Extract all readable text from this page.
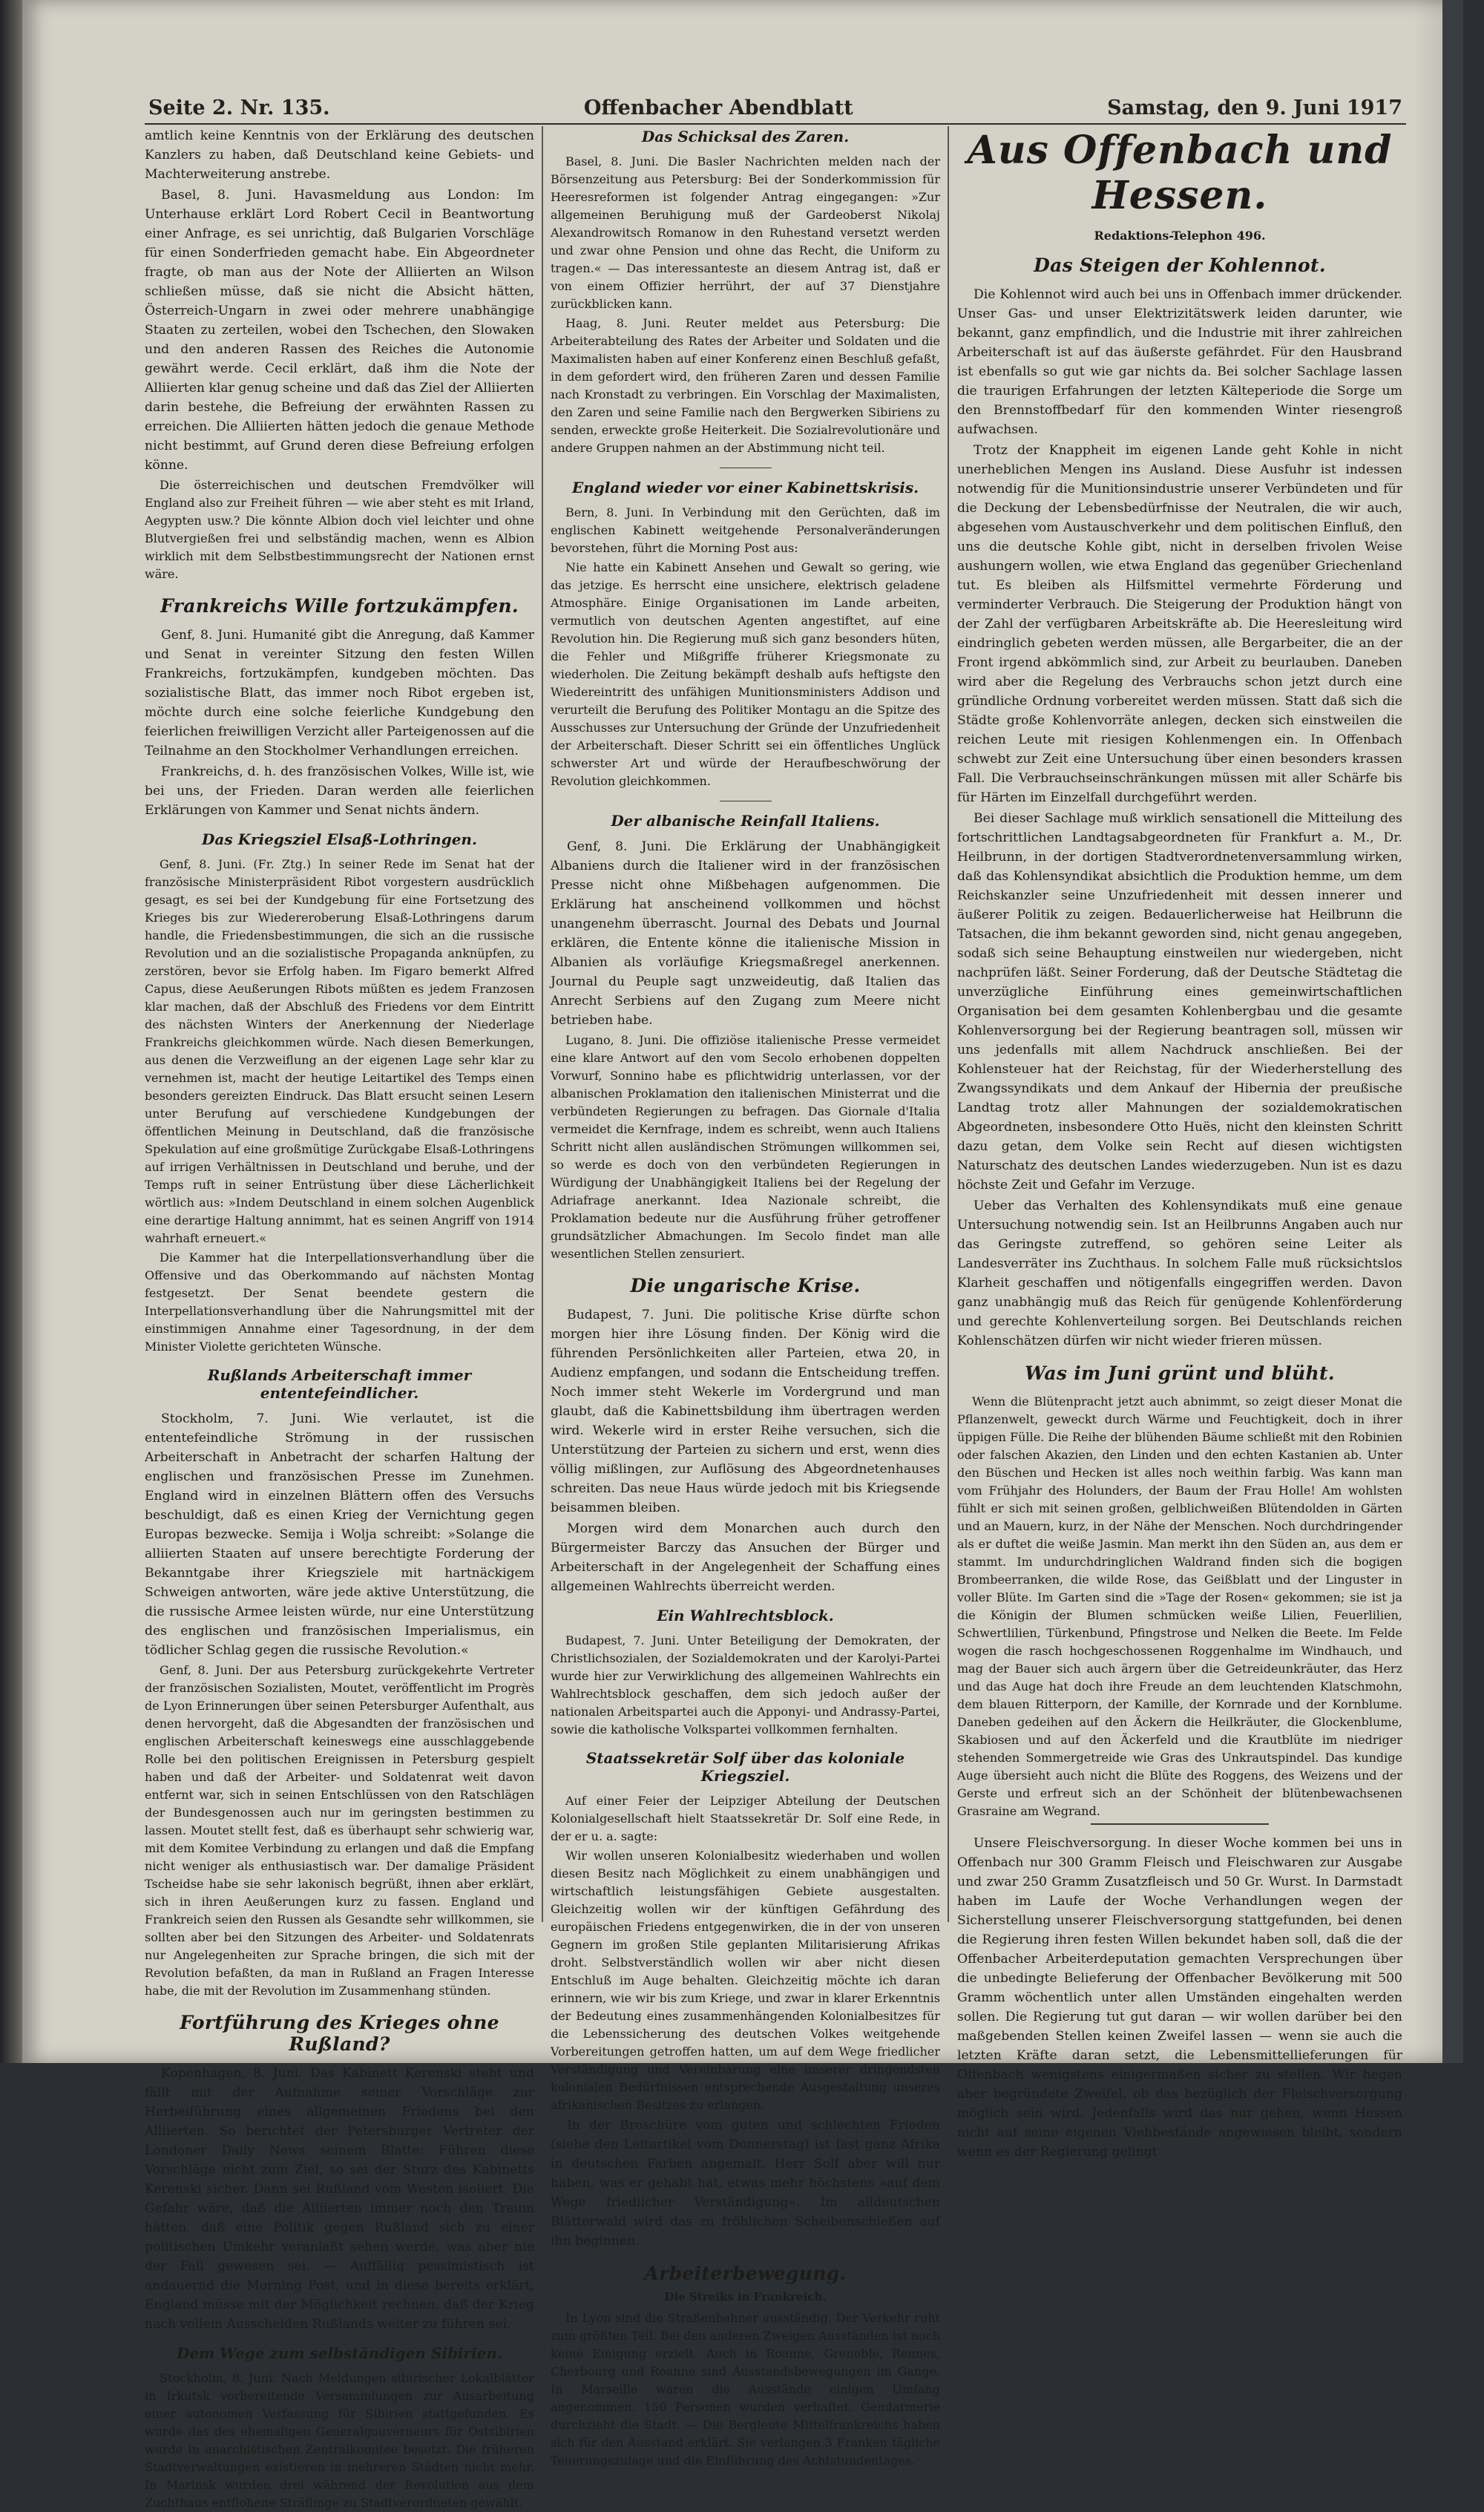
Seite 2. Nr. 135.	Offenbacher Abendblatt	Samstag, den 9. Juni 1917

amtlich keine Kenntnis von der Erklärung des deutschen Kanzlers zu haben, daß Deutschland keine Gebiets- und Machterweiterung anstrebe.

Basel, 8. Juni. Havasmeldung aus London: Im Unterhause erklärt Lord Robert Cecil in Beantwortung einer Anfrage, es sei unrichtig, daß Bulgarien Vorschläge für einen Sonderfrieden gemacht habe. Ein Abgeordneter fragte, ob man aus der Note der Alliierten an Wilson schließen müsse, daß sie nicht die Absicht hätten, Österreich-Ungarn in zwei oder mehrere unabhängige Staaten zu zerteilen, wobei den Tschechen, den Slowaken und den anderen Rassen des Reiches die Autonomie gewährt werde. Cecil erklärt, daß ihm die Note der Alliierten klar genug scheine und daß das Ziel der Alliierten darin bestehe, die Befreiung der erwähnten Rassen zu erreichen. Die Alliierten hätten jedoch die genaue Methode nicht bestimmt, auf Grund deren diese Befreiung erfolgen könne.

Die österreichischen und deutschen Fremdvölker will England also zur Freiheit führen — wie aber steht es mit Irland, Aegypten usw.? Die könnte Albion doch viel leichter und ohne Blutvergießen frei und selbständig machen, wenn es Albion wirklich mit dem Selbstbestimmungsrecht der Nationen ernst wäre.

Frankreichs Wille fortzukämpfen.

Genf, 8. Juni. Humanité gibt die Anregung, daß Kammer und Senat in vereinter Sitzung den festen Willen Frankreichs, fortzukämpfen, kundgeben möchten. Das sozialistische Blatt, das immer noch Ribot ergeben ist, möchte durch eine solche feierliche Kundgebung den feierlichen freiwilligen Verzicht aller Parteigenossen auf die Teilnahme an den Stockholmer Verhandlungen erreichen.

Frankreichs, d. h. des französischen Volkes, Wille ist, wie bei uns, der Frieden. Daran werden alle feierlichen Erklärungen von Kammer und Senat nichts ändern.

Das Kriegsziel Elsaß-Lothringen.

Genf, 8. Juni. (Fr. Ztg.) In seiner Rede im Senat hat der französische Ministerpräsident Ribot vorgestern ausdrücklich gesagt, es sei bei der Kundgebung für eine Fortsetzung des Krieges bis zur Wiedereroberung Elsaß-Lothringens darum handle, die Friedensbestimmungen, die sich an die russische Revolution und an die sozialistische Propaganda anknüpfen, zu zerstören, bevor sie Erfolg haben. Im Figaro bemerkt Alfred Capus, diese Aeußerungen Ribots müßten es jedem Franzosen klar machen, daß der Abschluß des Friedens vor dem Eintritt des nächsten Winters der Anerkennung der Niederlage Frankreichs gleichkommen würde. Nach diesen Bemerkungen, aus denen die Verzweiflung an der eigenen Lage sehr klar zu vernehmen ist, macht der heutige Leitartikel des Temps einen besonders gereizten Eindruck. Das Blatt ersucht seinen Lesern unter Berufung auf verschiedene Kundgebungen der öffentlichen Meinung in Deutschland, daß die französische Spekulation auf eine großmütige Zurückgabe Elsaß-Lothringens auf irrigen Verhältnissen in Deutschland und beruhe, und der Temps ruft in seiner Entrüstung über diese Lächerlichkeit wörtlich aus: »Indem Deutschland in einem solchen Augenblick eine derartige Haltung annimmt, hat es seinen Angriff von 1914 wahrhaft erneuert.«

Die Kammer hat die Interpellationsverhandlung über die Offensive und das Oberkommando auf nächsten Montag festgesetzt. Der Senat beendete gestern die Interpellationsverhandlung über die Nahrungsmittel mit der einstimmigen Annahme einer Tagesordnung, in der dem Minister Violette gerichteten Wünsche.

Rußlands Arbeiterschaft immer ententefeindlicher.

Stockholm, 7. Juni. Wie verlautet, ist die ententefeindliche Strömung in der russischen Arbeiterschaft in Anbetracht der scharfen Haltung der englischen und französischen Presse im Zunehmen. England wird in einzelnen Blättern offen des Versuchs beschuldigt, daß es einen Krieg der Vernichtung gegen Europas bezwecke. Semija i Wolja schreibt: »Solange die alliierten Staaten auf unsere berechtigte Forderung der Bekanntgabe ihrer Kriegsziele mit hartnäckigem Schweigen antworten, wäre jede aktive Unterstützung, die die russische Armee leisten würde, nur eine Unterstützung des englischen und französischen Imperialismus, ein tödlicher Schlag gegen die russische Revolution.«

Genf, 8. Juni. Der aus Petersburg zurückgekehrte Vertreter der französischen Sozialisten, Moutet, veröffentlicht im Progrès de Lyon Erinnerungen über seinen Petersburger Aufenthalt, aus denen hervorgeht, daß die Abgesandten der französischen und englischen Arbeiterschaft keineswegs eine ausschlaggebende Rolle bei den politischen Ereignissen in Petersburg gespielt haben und daß der Arbeiter- und Soldatenrat weit davon entfernt war, sich in seinen Entschlüssen von den Ratschlägen der Bundesgenossen auch nur im geringsten bestimmen zu lassen. Moutet stellt fest, daß es überhaupt sehr schwierig war, mit dem Komitee Verbindung zu erlangen und daß die Empfang nicht weniger als enthusiastisch war. Der damalige Präsident Tscheidse habe sie sehr lakonisch begrüßt, ihnen aber erklärt, sich in ihren Aeußerungen kurz zu fassen. England und Frankreich seien den Russen als Gesandte sehr willkommen, sie sollten aber bei den Sitzungen des Arbeiter- und Soldatenrats nur Angelegenheiten zur Sprache bringen, die sich mit der Revolution befaßten, da man in Rußland an Fragen Interesse habe, die mit der Revolution im Zusammenhang stünden.

Fortführung des Krieges ohne Rußland?

Kopenhagen, 8. Juni. Das Kabinett Kerenski steht und fällt mit der Aufnahme seiner Vorschläge zur Herbeiführung eines allgemeinen Friedens bei den Alliierten. So berichtet der Petersburger Vertreter der Londoner Daily News seinem Blatte: Führen diese Vorschläge nicht zum Ziel, so sei der Sturz des Kabinetts Kerenski sicher. Dann sei Rußland vom Westen isoliert. Die Gefahr wäre, daß die Alliierten immer noch den Traum hätten, daß eine Politik gegen Rußland sich zu einer politischen Umkehr veranlaßt sehen werde, was aber nie der Fall gewesen sei. — Auffällig pessimistisch ist andauernd die Morning Post, und in diese bereits erklärt, England müsse mit der Möglichkeit rechnen, daß der Krieg nach vollem Ausscheiden Rußlands weiter zu führen sei.

Dem Wege zum selbständigen Sibirien.

Stockholm, 8. Juni. Nach Meldungen sibirischer Lokalblätter in Irkutsk vorbereitende Versammlungen zur Ausarbeitung einer autonomen Verfassung für Sibirien stattgefunden. Es wurde das des ehemaligen Generalgouverneurs für Ostsibirien wurde in anarchistischen Zentralkomitee besetzt. Die früheren Stadtverwaltungen existieren in mehreren Städten nicht mehr. In Marinsk wurden drei während der Revolution aus dem Zuchthaus entflohene Sträflinge zu Stadtverordneten gewählt.

Das Schicksal des Zaren.

Basel, 8. Juni. Die Basler Nachrichten melden nach der Börsenzeitung aus Petersburg: Bei der Sonderkommission für Heeresreformen ist folgender Antrag eingegangen: »Zur allgemeinen Beruhigung muß der Gardeoberst Nikolaj Alexandrowitsch Romanow in den Ruhestand versetzt werden und zwar ohne Pension und ohne das Recht, die Uniform zu tragen.« — Das interessanteste an diesem Antrag ist, daß er von einem Offizier herrührt, der auf 37 Dienstjahre zurückblicken kann.

Haag, 8. Juni. Reuter meldet aus Petersburg: Die Arbeiterabteilung des Rates der Arbeiter und Soldaten und die Maximalisten haben auf einer Konferenz einen Beschluß gefaßt, in dem gefordert wird, den früheren Zaren und dessen Familie nach Kronstadt zu verbringen. Ein Vorschlag der Maximalisten, den Zaren und seine Familie nach den Bergwerken Sibiriens zu senden, erweckte große Heiterkeit. Die Sozialrevolutionäre und andere Gruppen nahmen an der Abstimmung nicht teil.

England wieder vor einer Kabinettskrisis.

Bern, 8. Juni. In Verbindung mit den Gerüchten, daß im englischen Kabinett weitgehende Personalveränderungen bevorstehen, führt die Morning Post aus:

Nie hatte ein Kabinett Ansehen und Gewalt so gering, wie das jetzige. Es herrscht eine unsichere, elektrisch geladene Atmosphäre. Einige Organisationen im Lande arbeiten, vermutlich von deutschen Agenten angestiftet, auf eine Revolution hin. Die Regierung muß sich ganz besonders hüten, die Fehler und Mißgriffe früherer Kriegsmonate zu wiederholen. Die Zeitung bekämpft deshalb aufs heftigste den Wiedereintritt des unfähigen Munitionsministers Addison und verurteilt die Berufung des Politiker Montagu an die Spitze des Ausschusses zur Untersuchung der Gründe der Unzufriedenheit der Arbeiterschaft. Dieser Schritt sei ein öffentliches Unglück schwerster Art und würde der Heraufbeschwörung der Revolution gleichkommen.

Der albanische Reinfall Italiens.

Genf, 8. Juni. Die Erklärung der Unabhängigkeit Albaniens durch die Italiener wird in der französischen Presse nicht ohne Mißbehagen aufgenommen. Die Erklärung hat anscheinend vollkommen und höchst unangenehm überrascht. Journal des Debats und Journal erklären, die Entente könne die italienische Mission in Albanien als vorläufige Kriegsmaßregel anerkennen. Journal du Peuple sagt unzweideutig, daß Italien das Anrecht Serbiens auf den Zugang zum Meere nicht betrieben habe.

Lugano, 8. Juni. Die offiziöse italienische Presse vermeidet eine klare Antwort auf den vom Secolo erhobenen doppelten Vorwurf, Sonnino habe es pflichtwidrig unterlassen, vor der albanischen Proklamation den italienischen Ministerrat und die verbündeten Regierungen zu befragen. Das Giornale d'Italia vermeidet die Kernfrage, indem es schreibt, wenn auch Italiens Schritt nicht allen ausländischen Strömungen willkommen sei, so werde es doch von den verbündeten Regierungen in Würdigung der Unabhängigkeit Italiens bei der Regelung der Adriafrage anerkannt. Idea Nazionale schreibt, die Proklamation bedeute nur die Ausführung früher getroffener grundsätzlicher Abmachungen. Im Secolo findet man alle wesentlichen Stellen zensuriert.

Die ungarische Krise.

Budapest, 7. Juni. Die politische Krise dürfte schon morgen hier ihre Lösung finden. Der König wird die führenden Persönlichkeiten aller Parteien, etwa 20, in Audienz empfangen, und sodann die Entscheidung treffen. Noch immer steht Wekerle im Vordergrund und man glaubt, daß die Kabinettsbildung ihm übertragen werden wird. Wekerle wird in erster Reihe versuchen, sich die Unterstützung der Parteien zu sichern und erst, wenn dies völlig mißlingen, zur Auflösung des Abgeordnetenhauses schreiten. Das neue Haus würde jedoch mit bis Kriegsende beisammen bleiben.

Morgen wird dem Monarchen auch durch den Bürgermeister Barczy das Ansuchen der Bürger und Arbeiterschaft in der Angelegenheit der Schaffung eines allgemeinen Wahlrechts überreicht werden.

Ein Wahlrechtsblock.

Budapest, 7. Juni. Unter Beteiligung der Demokraten, der Christlichsozialen, der Sozialdemokraten und der Karolyi-Partei wurde hier zur Verwirklichung des allgemeinen Wahlrechts ein Wahlrechtsblock geschaffen, dem sich jedoch außer der nationalen Arbeitspartei auch die Apponyi- und Andrassy-Partei, sowie die katholische Volkspartei vollkommen fernhalten.

Staatssekretär Solf über das koloniale Kriegsziel.

Auf einer Feier der Leipziger Abteilung der Deutschen Kolonialgesellschaft hielt Staatssekretär Dr. Solf eine Rede, in der er u. a. sagte:

Wir wollen unseren Kolonialbesitz wiederhaben und wollen diesen Besitz nach Möglichkeit zu einem unabhängigen und wirtschaftlich leistungsfähigen Gebiete ausgestalten. Gleichzeitig wollen wir der künftigen Gefährdung des europäischen Friedens entgegenwirken, die in der von unseren Gegnern im großen Stile geplanten Militarisierung Afrikas droht. Selbstverständlich wollen wir aber nicht diesen Entschluß im Auge behalten. Gleichzeitig möchte ich daran erinnern, wie wir bis zum Kriege, und zwar in klarer Erkenntnis der Bedeutung eines zusammenhängenden Kolonialbesitzes für die Lebenssicherung des deutschen Volkes weitgehende Vorbereitungen getroffen hatten, um auf dem Wege friedlicher Verständigung und Vereinbarung eine unserer dringendsten kolonialen Bedürfnissen entsprechende Ausgestaltung unseres afrikanischen Besitzes zu erlangen.

In der Broschüre vom guten und schlechten Frieden (siehe den Leitartikel vom Donnerstag) ist fast ganz Afrika in deutschen Farben angemalt. Herr Solf aber will nur haben, was er gehabt hat, etwas mehr höchstens »auf dem Wege friedlicher Verständigung«. Im alldeutschen Blätterwald wird das zu fröhlichen Scheibenschießen auf ihn beginnen.

Arbeiterbewegung.
Die Streiks in Frankreich.

In Lyon sind die Straßenbahner ausständig. Der Verkehr ruht zum größten Teil. Bei den anderen Zweigen Ausständen ist noch keine Einigung erzielt. Auch in Roanne, Grenoble, Rennes, Cherbourg und Roanne sind Ausstandsbewegungen im Gange. In Marseille waren die Ausstände einigen Umfang angenommen. 150 Personen wurden verhaftet. Gendarmerie durchzieht die Stadt. — Die Bergleute Mittelfrankreichs haben sich für den Ausstand erklärt. Sie verlangen 3 Franken tägliche Teuerungszulage und die Einführung des Achtstundentages.

Aus Offenbach und Hessen.
Redaktions-Telephon 496.
Das Steigen der Kohlennot.

Die Kohlennot wird auch bei uns in Offenbach immer drückender. Unser Gas- und unser Elektrizitätswerk leiden darunter, wie bekannt, ganz empfindlich, und die Industrie mit ihrer zahlreichen Arbeiterschaft ist auf das äußerste gefährdet. Für den Hausbrand ist ebenfalls so gut wie gar nichts da. Bei solcher Sachlage lassen die traurigen Erfahrungen der letzten Kälteperiode die Sorge um den Brennstoffbedarf für den kommenden Winter riesengroß aufwachsen.

Trotz der Knappheit im eigenen Lande geht Kohle in nicht unerheblichen Mengen ins Ausland. Diese Ausfuhr ist indessen notwendig für die Munitionsindustrie unserer Verbündeten und für die Deckung der Lebensbedürfnisse der Neutralen, die wir auch, abgesehen vom Austauschverkehr und dem politischen Einfluß, den uns die deutsche Kohle gibt, nicht in derselben frivolen Weise aushungern wollen, wie etwa England das gegenüber Griechenland tut. Es bleiben als Hilfsmittel vermehrte Förderung und verminderter Verbrauch. Die Steigerung der Produktion hängt von der Zahl der verfügbaren Arbeitskräfte ab. Die Heeresleitung wird eindringlich gebeten werden müssen, alle Bergarbeiter, die an der Front irgend abkömmlich sind, zur Arbeit zu beurlauben. Daneben wird aber die Regelung des Verbrauchs schon jetzt durch eine gründliche Ordnung vorbereitet werden müssen. Statt daß sich die Städte große Kohlenvorräte anlegen, decken sich einstweilen die reichen Leute mit riesigen Kohlenmengen ein. In Offenbach schwebt zur Zeit eine Untersuchung über einen besonders krassen Fall. Die Verbrauchseinschränkungen müssen mit aller Schärfe bis für Härten im Einzelfall durchgeführt werden.

Bei dieser Sachlage muß wirklich sensationell die Mitteilung des fortschrittlichen Landtagsabgeordneten für Frankfurt a. M., Dr. Heilbrunn, in der dortigen Stadtverordnetenversammlung wirken, daß das Kohlensyndikat absichtlich die Produktion hemme, um dem Reichskanzler seine Unzufriedenheit mit dessen innerer und äußerer Politik zu zeigen. Bedauerlicherweise hat Heilbrunn die Tatsachen, die ihm bekannt geworden sind, nicht genau angegeben, sodaß sich seine Behauptung einstweilen nur wiedergeben, nicht nachprüfen läßt. Seiner Forderung, daß der Deutsche Städtetag die unverzügliche Einführung eines gemeinwirtschaftlichen Organisation bei dem gesamten Kohlenbergbau und die gesamte Kohlenversorgung bei der Regierung beantragen soll, müssen wir uns jedenfalls mit allem Nachdruck anschließen. Bei der Kohlensteuer hat der Reichstag, für der Wiederherstellung des Zwangssyndikats und dem Ankauf der Hibernia der preußische Landtag trotz aller Mahnungen der sozialdemokratischen Abgeordneten, insbesondere Otto Huës, nicht den kleinsten Schritt dazu getan, dem Volke sein Recht auf diesen wichtigsten Naturschatz des deutschen Landes wiederzugeben. Nun ist es dazu höchste Zeit und Gefahr im Verzuge.

Ueber das Verhalten des Kohlensyndikats muß eine genaue Untersuchung notwendig sein. Ist an Heilbrunns Angaben auch nur das Geringste zutreffend, so gehören seine Leiter als Landesverräter ins Zuchthaus. In solchem Falle muß rücksichtslos Klarheit geschaffen und nötigenfalls eingegriffen werden. Davon ganz unabhängig muß das Reich für genügende Kohlenförderung und gerechte Kohlenverteilung sorgen. Bei Deutschlands reichen Kohlenschätzen dürfen wir nicht wieder frieren müssen.

Was im Juni grünt und blüht.

Wenn die Blütenpracht jetzt auch abnimmt, so zeigt dieser Monat die Pflanzenwelt, geweckt durch Wärme und Feuchtigkeit, doch in ihrer üppigen Fülle. Die Reihe der blühenden Bäume schließt mit den Robinien oder falschen Akazien, den Linden und den echten Kastanien ab. Unter den Büschen und Hecken ist alles noch weithin farbig. Was kann man vom Frühjahr des Holunders, der Baum der Frau Holle! Am wohlsten fühlt er sich mit seinen großen, gelblichweißen Blütendolden in Gärten und an Mauern, kurz, in der Nähe der Menschen. Noch durchdringender als er duftet die weiße Jasmin. Man merkt ihn den Süden an, aus dem er stammt. Im undurchdringlichen Waldrand finden sich die bogigen Brombeerranken, die wilde Rose, das Geißblatt und der Linguster in voller Blüte. Im Garten sind die »Tage der Rosen« gekommen; sie ist ja die Königin der Blumen schmücken weiße Lilien, Feuerlilien, Schwertlilien, Türkenbund, Pfingstrose und Nelken die Beete. Im Felde wogen die rasch hochgeschossenen Roggenhalme im Windhauch, und mag der Bauer sich auch ärgern über die Getreideunkräuter, das Herz und das Auge hat doch ihre Freude an dem leuchtenden Klatschmohn, dem blauen Ritterporn, der Kamille, der Kornrade und der Kornblume. Daneben gedeihen auf den Äckern die Heilkräuter, die Glockenblume, Skabiosen und auf den Äckerfeld und die Krautblüte im niedriger stehenden Sommergetreide wie Gras des Unkrautspindel. Das kundige Auge übersieht auch nicht die Blüte des Roggens, des Weizens und der Gerste und erfreut sich an der Schönheit der blütenbewachsenen Grasraine am Wegrand.

Unsere Fleischversorgung. In dieser Woche kommen bei uns in Offenbach nur 300 Gramm Fleisch und Fleischwaren zur Ausgabe und zwar 250 Gramm Zusatzfleisch und 50 Gr. Wurst. In Darmstadt haben im Laufe der Woche Verhandlungen wegen der Sicherstellung unserer Fleischversorgung stattgefunden, bei denen die Regierung ihren festen Willen bekundet haben soll, daß die der Offenbacher Arbeiterdeputation gemachten Versprechungen über die unbedingte Belieferung der Offenbacher Bevölkerung mit 500 Gramm wöchentlich unter allen Umständen eingehalten werden sollen. Die Regierung tut gut daran — wir wollen darüber bei den maßgebenden Stellen keinen Zweifel lassen — wenn sie auch die letzten Kräfte daran setzt, die Lebensmittellieferungen für Offenbach wenigstens einigermaßen sicher zu stellen. Wir hegen aber begründete Zweifel, ob das bezüglich der Fleischversorgung möglich sein wird. Jedenfalls wird das nur gehen, wenn Hessen nicht auf seine eigenen Viehbestände angewiesen bleibt, sondern wenn es der Regierung gelingt
